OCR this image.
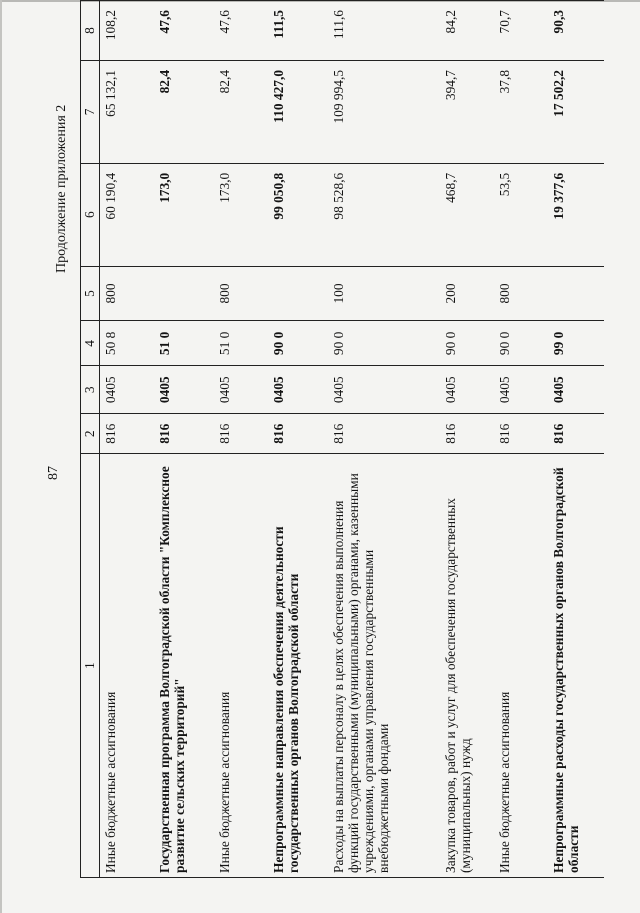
87
Продолжение приложения 2
1	2	3	4	5	6	7	8
Иные бюджетные ассигнования	816	0405	50 8	800	60 190,4	65 132,1	108,2
Государственная программа Волгоградской области "Комплексное развитие сельских территорий"	816	0405	51 0		173,0	82,4	47,6
Иные бюджетные ассигнования	816	0405	51 0	800	173,0	82,4	47,6
Непрограммные направления обеспечения деятельности государственных органов Волгоградской области	816	0405	90 0		99 050,8	110 427,0	111,5
Расходы на выплаты персоналу в целях обеспечения выполнения функций государственными (муниципальными) органами, казенными учреждениями, органами управления государственными внебюджетными фондами	816	0405	90 0	100	98 528,6	109 994,5	111,6
Закупка товаров, работ и услуг для обеспечения государственных (муниципальных) нужд	816	0405	90 0	200	468,7	394,7	84,2
Иные бюджетные ассигнования	816	0405	90 0	800	53,5	37,8	70,7
Непрограммные расходы государственных органов Волгоградской области	816	0405	99 0		19 377,6	17 502,2	90,3
